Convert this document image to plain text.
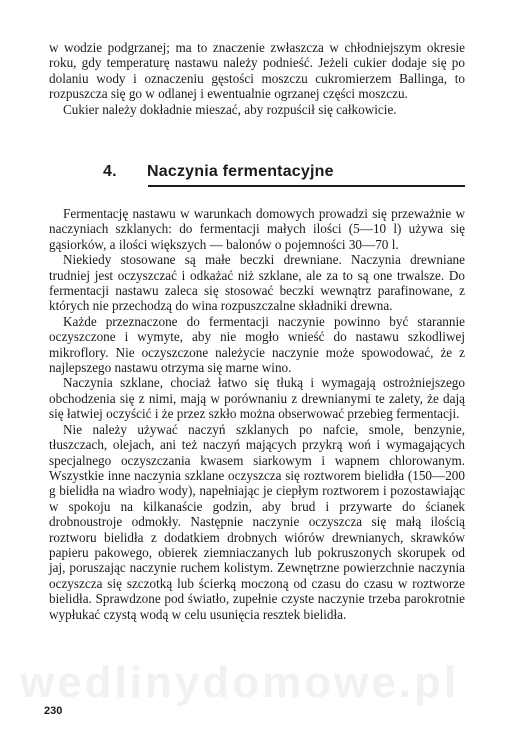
w wodzie podgrzanej; ma to znaczenie zwłaszcza w chłodniejszym okresie roku, gdy temperaturę nastawu należy podnieść. Jeżeli cukier dodaje się po dolaniu wody i oznaczeniu gęstości moszczu cukromierzem Ballinga, to rozpuszcza się go w odlanej i ewentualnie ogrzanej części moszczu.

Cukier należy dokładnie mieszać, aby rozpuścił się całkowicie.

4. Naczynia fermentacyjne

Fermentację nastawu w warunkach domowych prowadzi się przeważnie w naczyniach szklanych: do fermentacji małych ilości (5—10 l) używa się gąsiorków, a ilości większych — balonów o pojemności 30—70 l.

Niekiedy stosowane są małe beczki drewniane. Naczynia drewniane trudniej jest oczyszczać i odkażać niż szklane, ale za to są one trwalsze. Do fermentacji nastawu zaleca się stosować beczki wewnątrz parafinowane, z których nie przechodzą do wina rozpuszczalne składniki drewna.

Każde przeznaczone do fermentacji naczynie powinno być starannie oczyszczone i wymyte, aby nie mogło wnieść do nastawu szkodliwej mikroflory. Nie oczyszczone należycie naczynie może spowodować, że z najlepszego nastawu otrzyma się marne wino.

Naczynia szklane, chociaż łatwo się tłuką i wymagają ostrożniejszego obchodzenia się z nimi, mają w porównaniu z drewnianymi te zalety, że dają się łatwiej oczyścić i że przez szkło można obserwować przebieg fermentacji.

Nie należy używać naczyń szklanych po nafcie, smole, benzynie, tłuszczach, olejach, ani też naczyń mających przykrą woń i wymagających specjalnego oczyszczania kwasem siarkowym i wapnem chlorowanym. Wszystkie inne naczynia szklane oczyszcza się roztworem bielidła (150—200 g bielidła na wiadro wody), napełniając je ciepłym roztworem i pozostawiając w spokoju na kilkanaście godzin, aby brud i przywarte do ścianek drobnoustroje odmokły. Następnie naczynie oczyszcza się małą ilością roztworu bielidła z dodatkiem drobnych wiórów drewnianych, skrawków papieru pakowego, obierek ziemniaczanych lub pokruszonych skorupek od jaj, poruszając naczynie ruchem kolistym. Zewnętrzne powierzchnie naczynia oczyszcza się szczotką lub ścierką moczoną od czasu do czasu w roztworze bielidła. Sprawdzone pod światło, zupełnie czyste naczynie trzeba parokrotnie wypłukać czystą wodą w celu usunięcia resztek bielidła.

wedlinydomowe.pl
230
